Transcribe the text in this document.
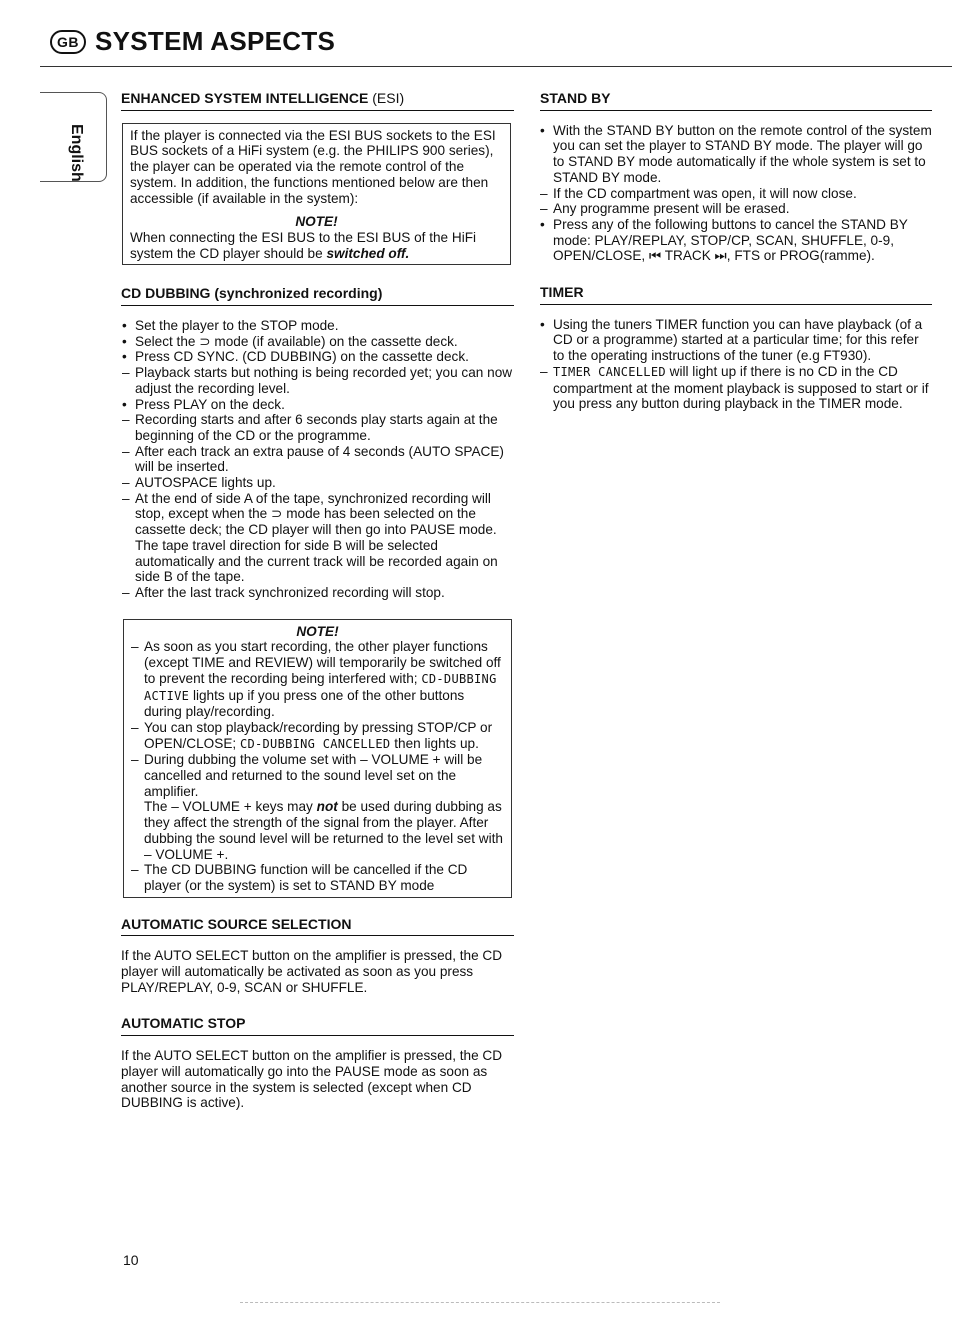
GB SYSTEM ASPECTS
English
ENHANCED SYSTEM INTELLIGENCE (ESI)

If the player is connected via the ESI BUS sockets to the ESI BUS sockets of a HiFi system (e.g. the PHILIPS 900 series), the player can be operated via the remote control of the system. In addition, the functions mentioned below are then accessible (if available in the system):

NOTE!

When connecting the ESI BUS to the ESI BUS of the HiFi system the CD player should be switched off.

CD DUBBING (synchronized recording)
• Set the player to the STOP mode.
• Select the ⊃ mode (if available) on the cassette deck.
• Press CD SYNC. (CD DUBBING) on the cassette deck.
– Playback starts but nothing is being recorded yet; you can now adjust the recording level.
• Press PLAY on the deck.
– Recording starts and after 6 seconds play starts again at the beginning of the CD or the programme.
– After each track an extra pause of 4 seconds (AUTO SPACE) will be inserted.
– AUTOSPACE lights up.
– At the end of side A of the tape, synchronized recording will stop, except when the ⊃ mode has been selected on the cassette deck; the CD player will then go into PAUSE mode. The tape travel direction for side B will be selected automatically and the current track will be recorded again on side B of the tape.
– After the last track synchronized recording will stop.
NOTE!
– As soon as you start recording, the other player functions (except TIME and REVIEW) will temporarily be switched off to prevent the recording being interfered with; CD-DUBBING ACTIVE lights up if you press one of the other buttons during play/recording.
– You can stop playback/recording by pressing STOP/CP or OPEN/CLOSE; CD-DUBBING CANCELLED then lights up.
– During dubbing the volume set with – VOLUME + will be cancelled and returned to the sound level set on the amplifier.
The – VOLUME + keys may not be used during dubbing as they affect the strength of the signal from the player. After dubbing the sound level will be returned to the level set with – VOLUME +.
– The CD DUBBING function will be cancelled if the CD player (or the system) is set to STAND BY mode
AUTOMATIC SOURCE SELECTION

If the AUTO SELECT button on the amplifier is pressed, the CD player will automatically be activated as soon as you press PLAY/REPLAY, 0-9, SCAN or SHUFFLE.

AUTOMATIC STOP

If the AUTO SELECT button on the amplifier is pressed, the CD player will automatically go into the PAUSE mode as soon as another source in the system is selected (except when CD DUBBING is active).

STAND BY
• With the STAND BY button on the remote control of the system you can set the player to STAND BY mode. The player will go to STAND BY mode automatically if the whole system is set to STAND BY mode.
– If the CD compartment was open, it will now close.
– Any programme present will be erased.
• Press any of the following buttons to cancel the STAND BY mode: PLAY/REPLAY, STOP/CP, SCAN, SHUFFLE, 0-9, OPEN/CLOSE, ⏮ TRACK ⏭, FTS or PROG(ramme).
TIMER
• Using the tuners TIMER function you can have playback (of a CD or a programme) started at a particular time; for this refer to the operating instructions of the tuner (e.g FT930).
– TIMER CANCELLED will light up if there is no CD in the CD compartment at the moment playback is supposed to start or if you press any button during playback in the TIMER mode.
10
